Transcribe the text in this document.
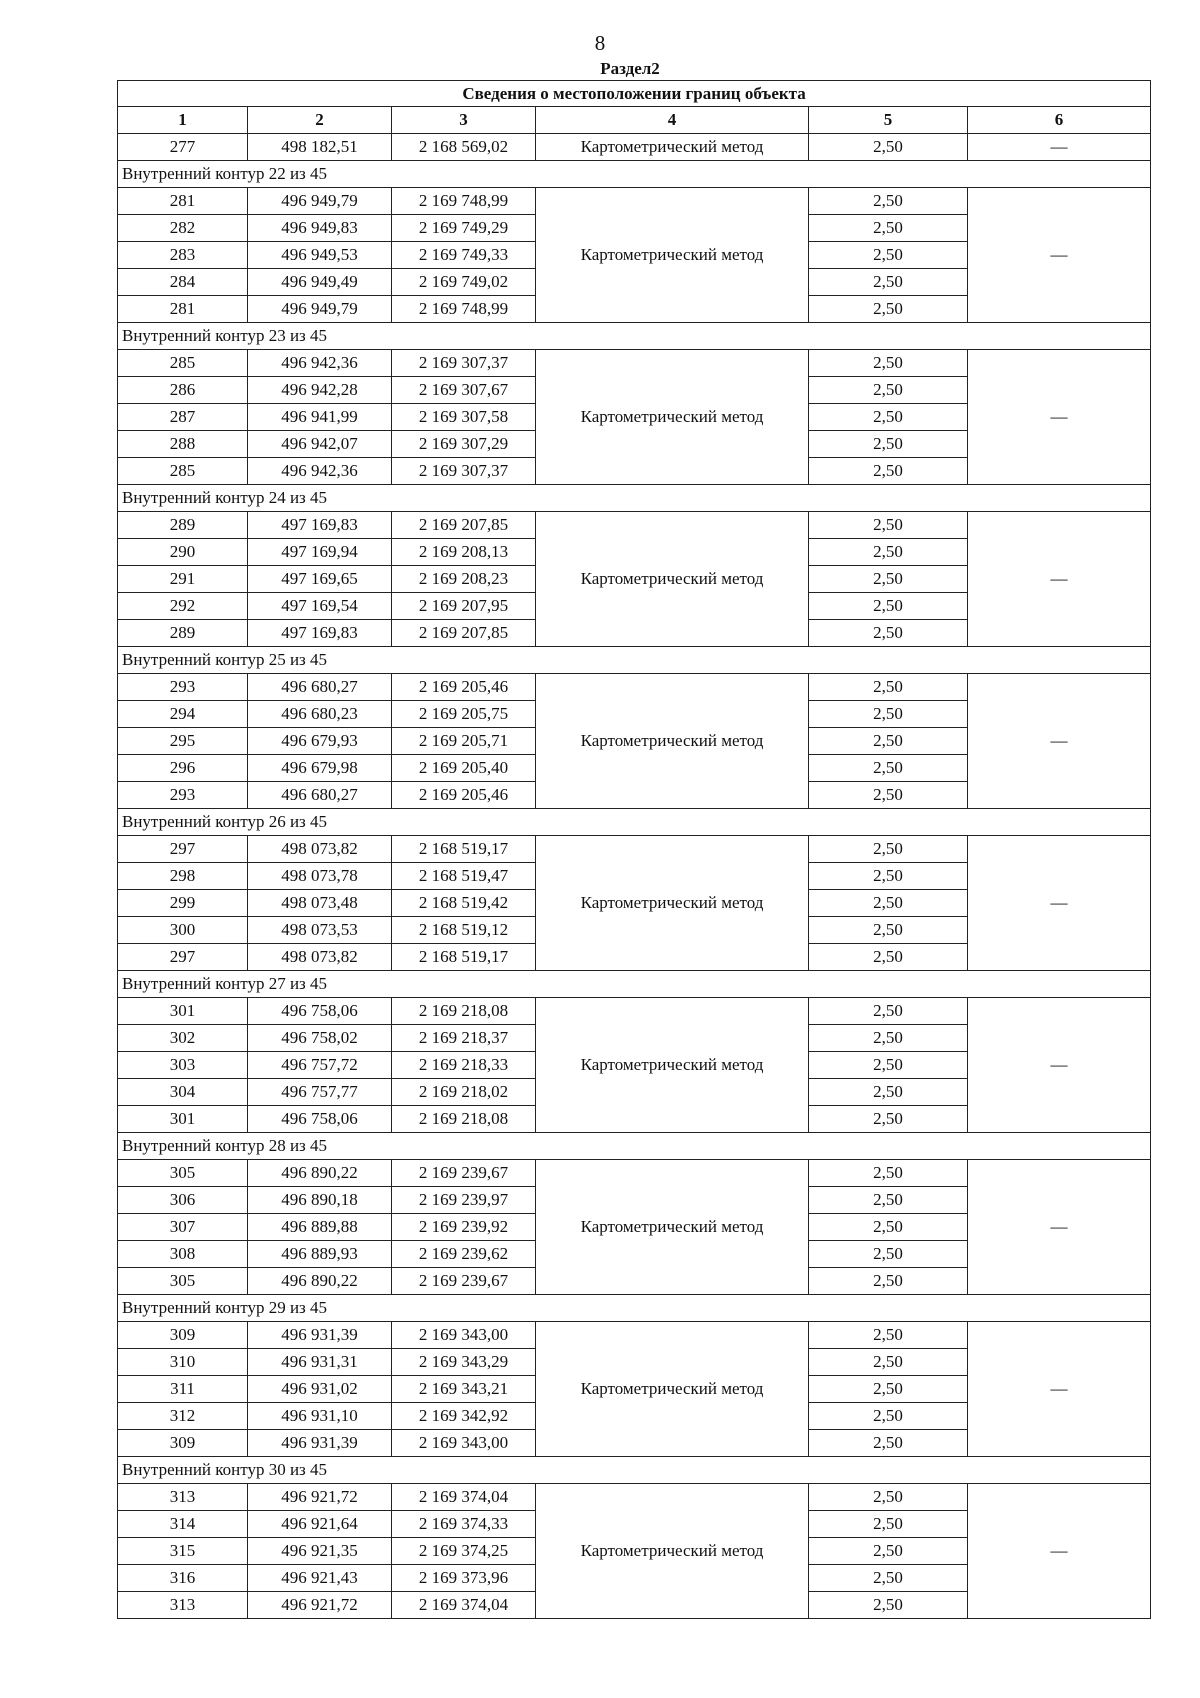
8
Раздел2
Сведения о местоположении границ объекта					
1	2	3	4	5	6
277	498 182,51	2 168 569,02	Картометрический метод	2,50	—
Внутренний контур 22 из 45					
281	496 949,79	2 169 748,99	Картометрический метод	2,50	—
282	496 949,83	2 169 749,29		2,50	
283	496 949,53	2 169 749,33		2,50	
284	496 949,49	2 169 749,02		2,50	
281	496 949,79	2 169 748,99		2,50	
Внутренний контур 23 из 45					
285	496 942,36	2 169 307,37	Картометрический метод	2,50	—
286	496 942,28	2 169 307,67		2,50	
287	496 941,99	2 169 307,58		2,50	
288	496 942,07	2 169 307,29		2,50	
285	496 942,36	2 169 307,37		2,50	
Внутренний контур 24 из 45					
289	497 169,83	2 169 207,85	Картометрический метод	2,50	—
290	497 169,94	2 169 208,13		2,50	
291	497 169,65	2 169 208,23		2,50	
292	497 169,54	2 169 207,95		2,50	
289	497 169,83	2 169 207,85		2,50	
Внутренний контур 25 из 45					
293	496 680,27	2 169 205,46	Картометрический метод	2,50	—
294	496 680,23	2 169 205,75		2,50	
295	496 679,93	2 169 205,71		2,50	
296	496 679,98	2 169 205,40		2,50	
293	496 680,27	2 169 205,46		2,50	
Внутренний контур 26 из 45					
297	498 073,82	2 168 519,17	Картометрический метод	2,50	—
298	498 073,78	2 168 519,47		2,50	
299	498 073,48	2 168 519,42		2,50	
300	498 073,53	2 168 519,12		2,50	
297	498 073,82	2 168 519,17		2,50	
Внутренний контур 27 из 45					
301	496 758,06	2 169 218,08	Картометрический метод	2,50	—
302	496 758,02	2 169 218,37		2,50	
303	496 757,72	2 169 218,33		2,50	
304	496 757,77	2 169 218,02		2,50	
301	496 758,06	2 169 218,08		2,50	
Внутренний контур 28 из 45					
305	496 890,22	2 169 239,67	Картометрический метод	2,50	—
306	496 890,18	2 169 239,97		2,50	
307	496 889,88	2 169 239,92		2,50	
308	496 889,93	2 169 239,62		2,50	
305	496 890,22	2 169 239,67		2,50	
Внутренний контур 29 из 45					
309	496 931,39	2 169 343,00	Картометрический метод	2,50	—
310	496 931,31	2 169 343,29		2,50	
311	496 931,02	2 169 343,21		2,50	
312	496 931,10	2 169 342,92		2,50	
309	496 931,39	2 169 343,00		2,50	
Внутренний контур 30 из 45					
313	496 921,72	2 169 374,04	Картометрический метод	2,50	—
314	496 921,64	2 169 374,33		2,50	
315	496 921,35	2 169 374,25		2,50	
316	496 921,43	2 169 373,96		2,50	
313	496 921,72	2 169 374,04		2,50	
